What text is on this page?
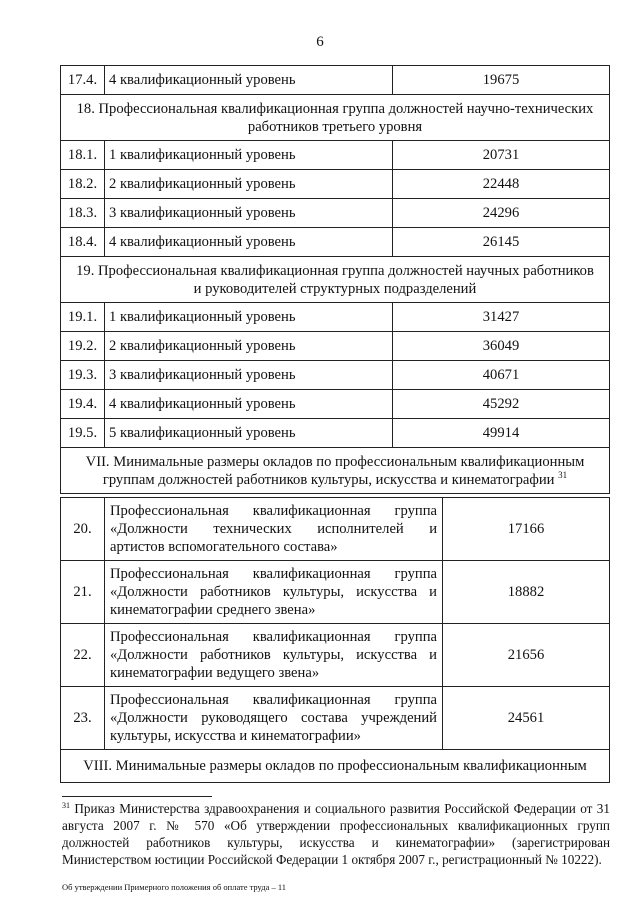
6
17.4.	4 квалификационный уровень	19675
18. Профессиональная квалификационная группа должностей научно-технических
работников третьего уровня		
18.1.	1 квалификационный уровень	20731
18.2.	2 квалификационный уровень	22448
18.3.	3 квалификационный уровень	24296
18.4.	4 квалификационный уровень	26145
19. Профессиональная квалификационная группа должностей научных работников
и руководителей структурных подразделений		
19.1.	1 квалификационный уровень	31427
19.2.	2 квалификационный уровень	36049
19.3.	3 квалификационный уровень	40671
19.4.	4 квалификационный уровень	45292
19.5.	5 квалификационный уровень	49914
VII. Минимальные размеры окладов по профессиональным квалификационным
группам должностей работников культуры, искусства и кинематографии $^{31}$
20.	Профессиональная квалификационная группа
«Должности технических исполнителей и
артистов вспомогательного состава»	17166
21.	Профессиональная квалификационная группа
«Должности работников культуры, искусства и
кинематографии среднего звена»	18882
22.	Профессиональная квалификационная группа
«Должности работников культуры, искусства и
кинематографии ведущего звена»	21656
23.	Профессиональная квалификационная группа
«Должности руководящего состава учреждений
культуры, искусства и кинематографии»	24561
VIII. Минимальные размеры окладов по профессиональным квалификационным		
$^{31}$ Приказ Министерства здравоохранения и социального развития Российской Федерации от 31 августа 2007 г. № 570 «Об утверждении профессиональных квалификационных групп должностей работников культуры, искусства и кинематографии» (зарегистрирован Министерством юстиции Российской Федерации 1 октября 2007 г., регистрационный № 10222).
Об утверждении Примерного положения об оплате труда – 11
